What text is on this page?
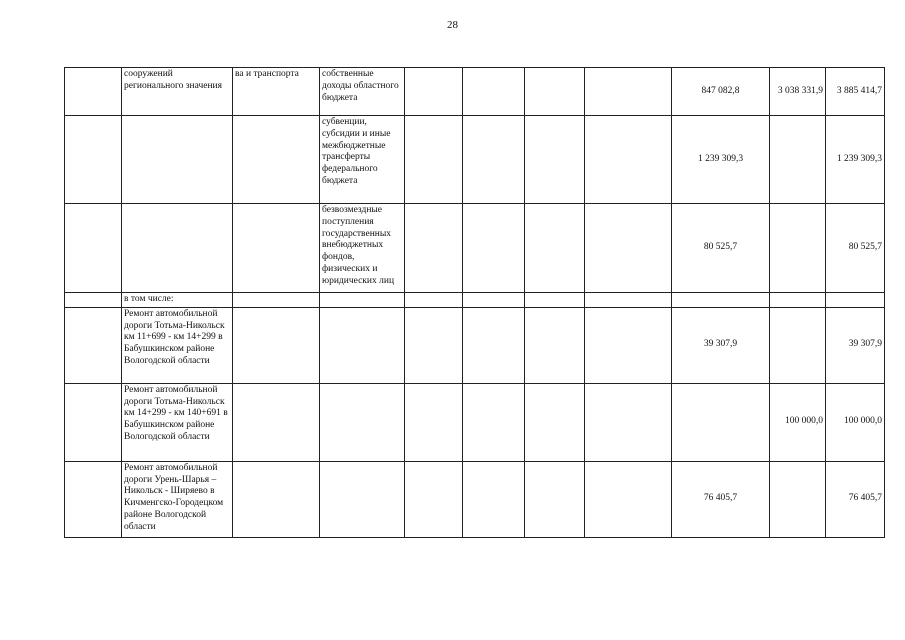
28
	сооружений регионального значения	ва и транспорта	собственные доходы областного бюджета					847 082,8	3 038 331,9	3 885 414,7
			субвенции, субсидии и иные межбюджетные трансферты федерального бюджета					1 239 309,3		1 239 309,3
			безвозмездные поступления государственных внебюджетных фондов, физических и юридических лиц					80 525,7		80 525,7
	в том числе:									
	Ремонт автомобильной дороги Тотьма-Никольск км 11+699 - км 14+299 в Бабушкинском районе Вологодской области							39 307,9		39 307,9
	Ремонт автомобильной дороги Тотьма-Никольск км 14+299 - км 140+691 в Бабушкинском районе Вологодской области								100 000,0	100 000,0
	Ремонт автомобильной дороги Урень-Шарья – Никольск - Ширяево в Кичменгско-Городецком районе Вологодской области							76 405,7		76 405,7
